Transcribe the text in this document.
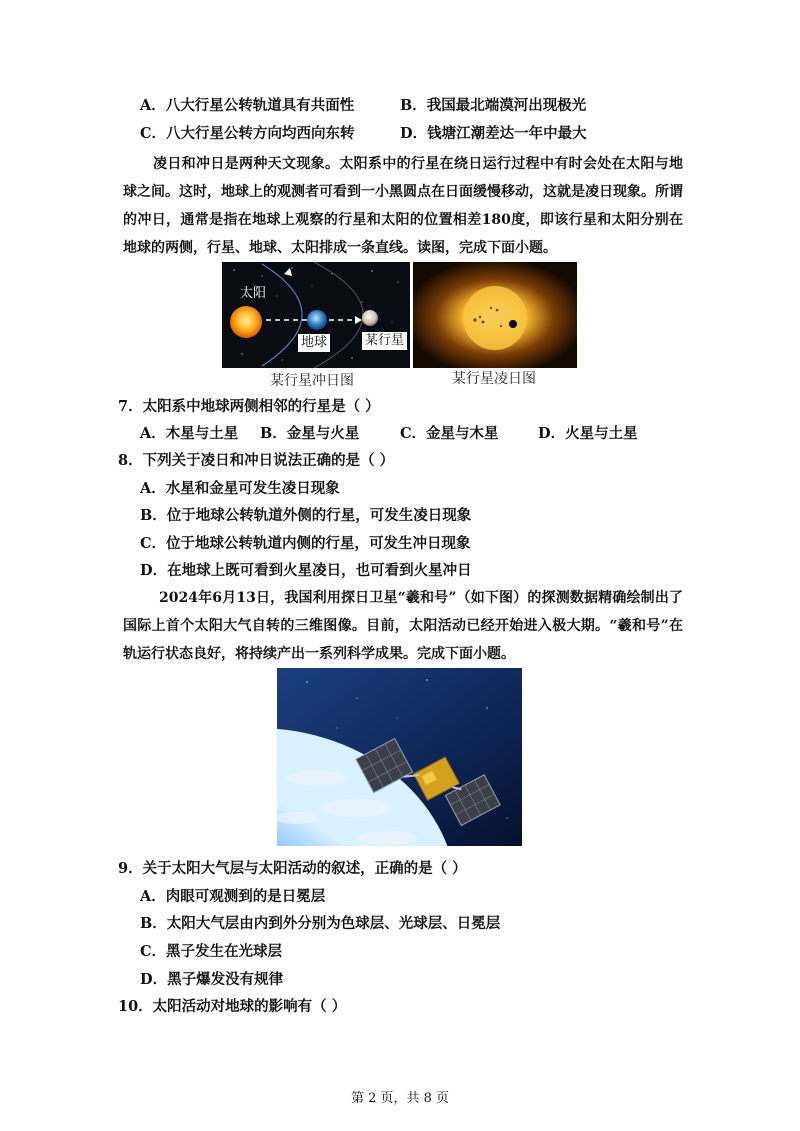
A．八大行星公转轨道具有共面性	B．我国最北端漠河出现极光
C．八大行星公转方向均西向东转	D．钱塘江潮差达一年中最大
凌日和冲日是两种天文现象。太阳系中的行星在绕日运行过程中有时会处在太阳与地球之间。这时，地球上的观测者可看到一小黑圆点在日面缓慢移动，这就是凌日现象。所谓的冲日，通常是指在地球上观察的行星和太阳的位置相差180度，即该行星和太阳分别在地球的两侧，行星、地球、太阳排成一条直线。读图，完成下面小题。
太阳
地球	某行星
某行星冲日图	某行星凌日图
7．太阳系中地球两侧相邻的行星是（ ）
A．木星与土星 B．金星与火星	C．金星与木星	D．火星与土星
8．下列关于凌日和冲日说法正确的是（ ）
A．水星和金星可发生凌日现象
B．位于地球公转轨道外侧的行星，可发生凌日现象
C．位于地球公转轨道内侧的行星，可发生冲日现象
D．在地球上既可看到火星凌日，也可看到火星冲日
2024年6月13日，我国利用探日卫星“羲和号”（如下图）的探测数据精确绘制出了国际上首个太阳大气自转的三维图像。目前，太阳活动已经开始进入极大期。“羲和号”在轨运行状态良好，将持续产出一系列科学成果。完成下面小题。
9．关于太阳大气层与太阳活动的叙述，正确的是（ ）
A．肉眼可观测到的是日冕层
B．太阳大气层由内到外分别为色球层、光球层、日冕层
C．黑子发生在光球层
D．黑子爆发没有规律
10．太阳活动对地球的影响有（ ）
第 2 页，共 8 页
